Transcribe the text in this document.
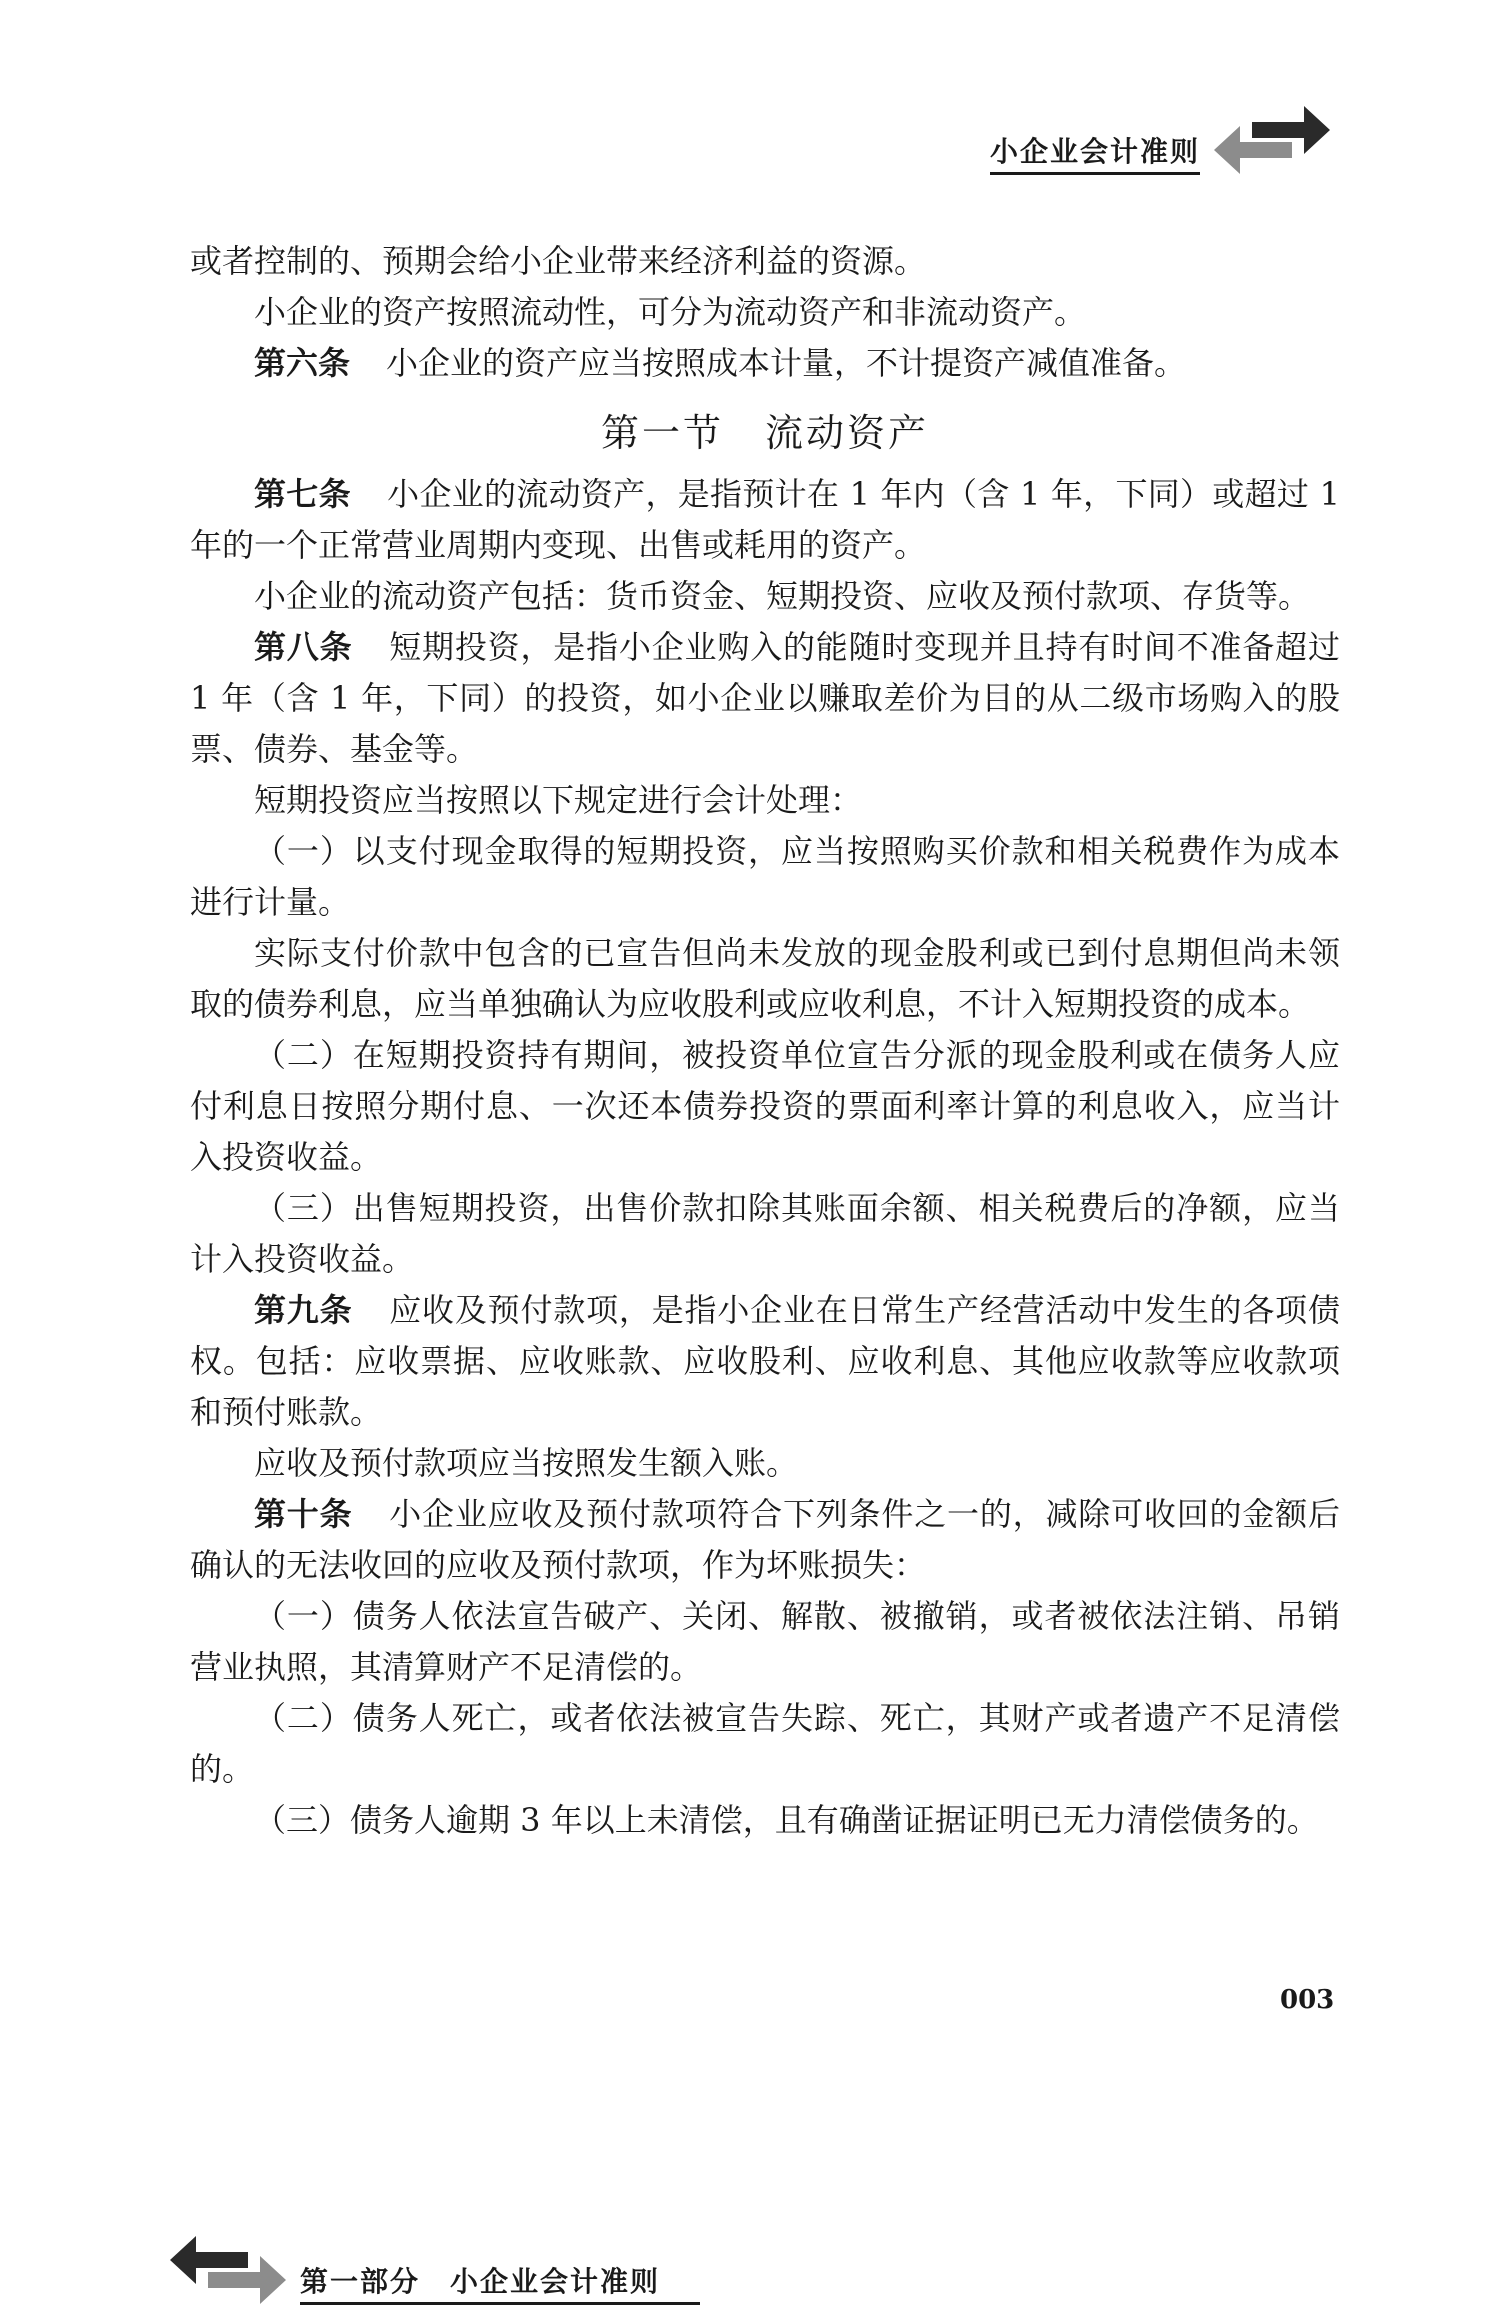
小企业会计准则

或者控制的、预期会给小企业带来经济利益的资源。

小企业的资产按照流动性，可分为流动资产和非流动资产。

第六条 小企业的资产应当按照成本计量，不计提资产减值准备。

第一节　流动资产

第七条 小企业的流动资产，是指预计在 1 年内（含 1 年，下同）或超过 1 年的一个正常营业周期内变现、出售或耗用的资产。

小企业的流动资产包括：货币资金、短期投资、应收及预付款项、存货等。

第八条 短期投资，是指小企业购入的能随时变现并且持有时间不准备超过 1 年（含 1 年，下同）的投资，如小企业以赚取差价为目的从二级市场购入的股票、债券、基金等。

短期投资应当按照以下规定进行会计处理：

（一）以支付现金取得的短期投资，应当按照购买价款和相关税费作为成本进行计量。

实际支付价款中包含的已宣告但尚未发放的现金股利或已到付息期但尚未领取的债券利息，应当单独确认为应收股利或应收利息，不计入短期投资的成本。

（二）在短期投资持有期间，被投资单位宣告分派的现金股利或在债务人应付利息日按照分期付息、一次还本债券投资的票面利率计算的利息收入，应当计入投资收益。

（三）出售短期投资，出售价款扣除其账面余额、相关税费后的净额，应当计入投资收益。

第九条 应收及预付款项，是指小企业在日常生产经营活动中发生的各项债权。包括：应收票据、应收账款、应收股利、应收利息、其他应收款等应收款项和预付账款。

应收及预付款项应当按照发生额入账。

第十条 小企业应收及预付款项符合下列条件之一的，减除可收回的金额后确认的无法收回的应收及预付款项，作为坏账损失：

（一）债务人依法宣告破产、关闭、解散、被撤销，或者被依法注销、吊销营业执照，其清算财产不足清偿的。

（二）债务人死亡，或者依法被宣告失踪、死亡，其财产或者遗产不足清偿的。

（三）债务人逾期 3 年以上未清偿，且有确凿证据证明已无力清偿债务的。

003
第一部分　 小企业会计准则
